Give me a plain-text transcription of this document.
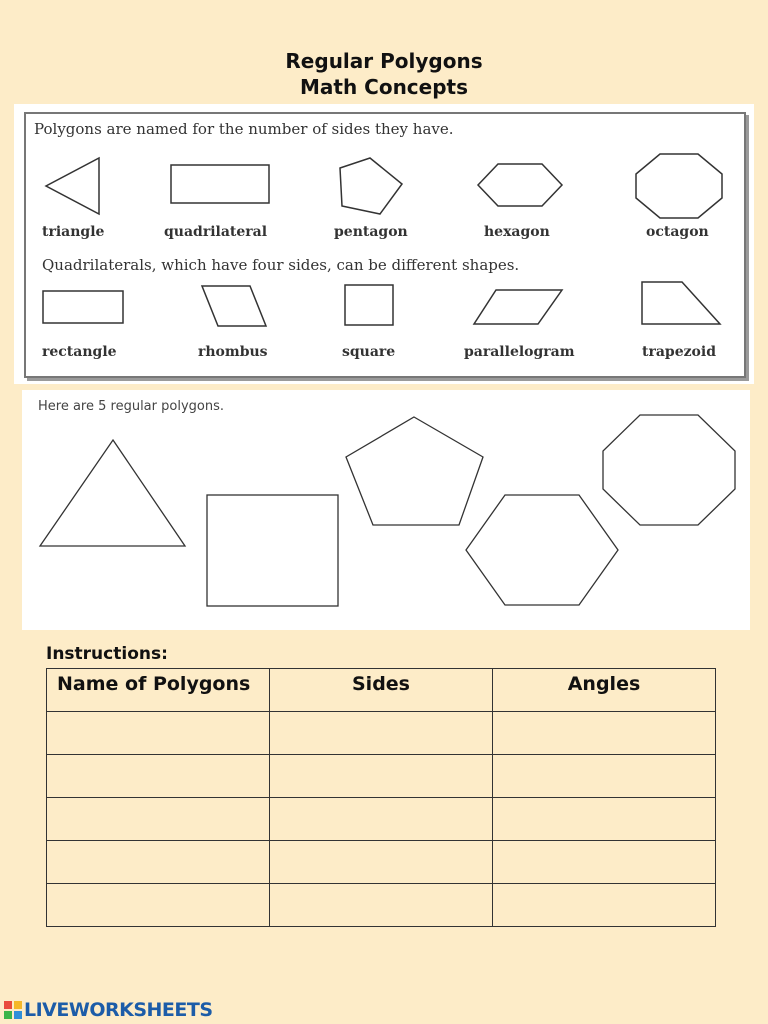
Regular Polygons
Math Concepts
Polygons are named for the number of sides they have.
triangle	quadrilateral	pentagon	hexagon	octagon
Quadrilaterals, which have four sides, can be different shapes.
rectangle	rhombus	square	parallelogram	trapezoid
Here are 5 regular polygons.
Instructions:
Name of Polygons	Sides	Angles

LIVEWORKSHEETS
